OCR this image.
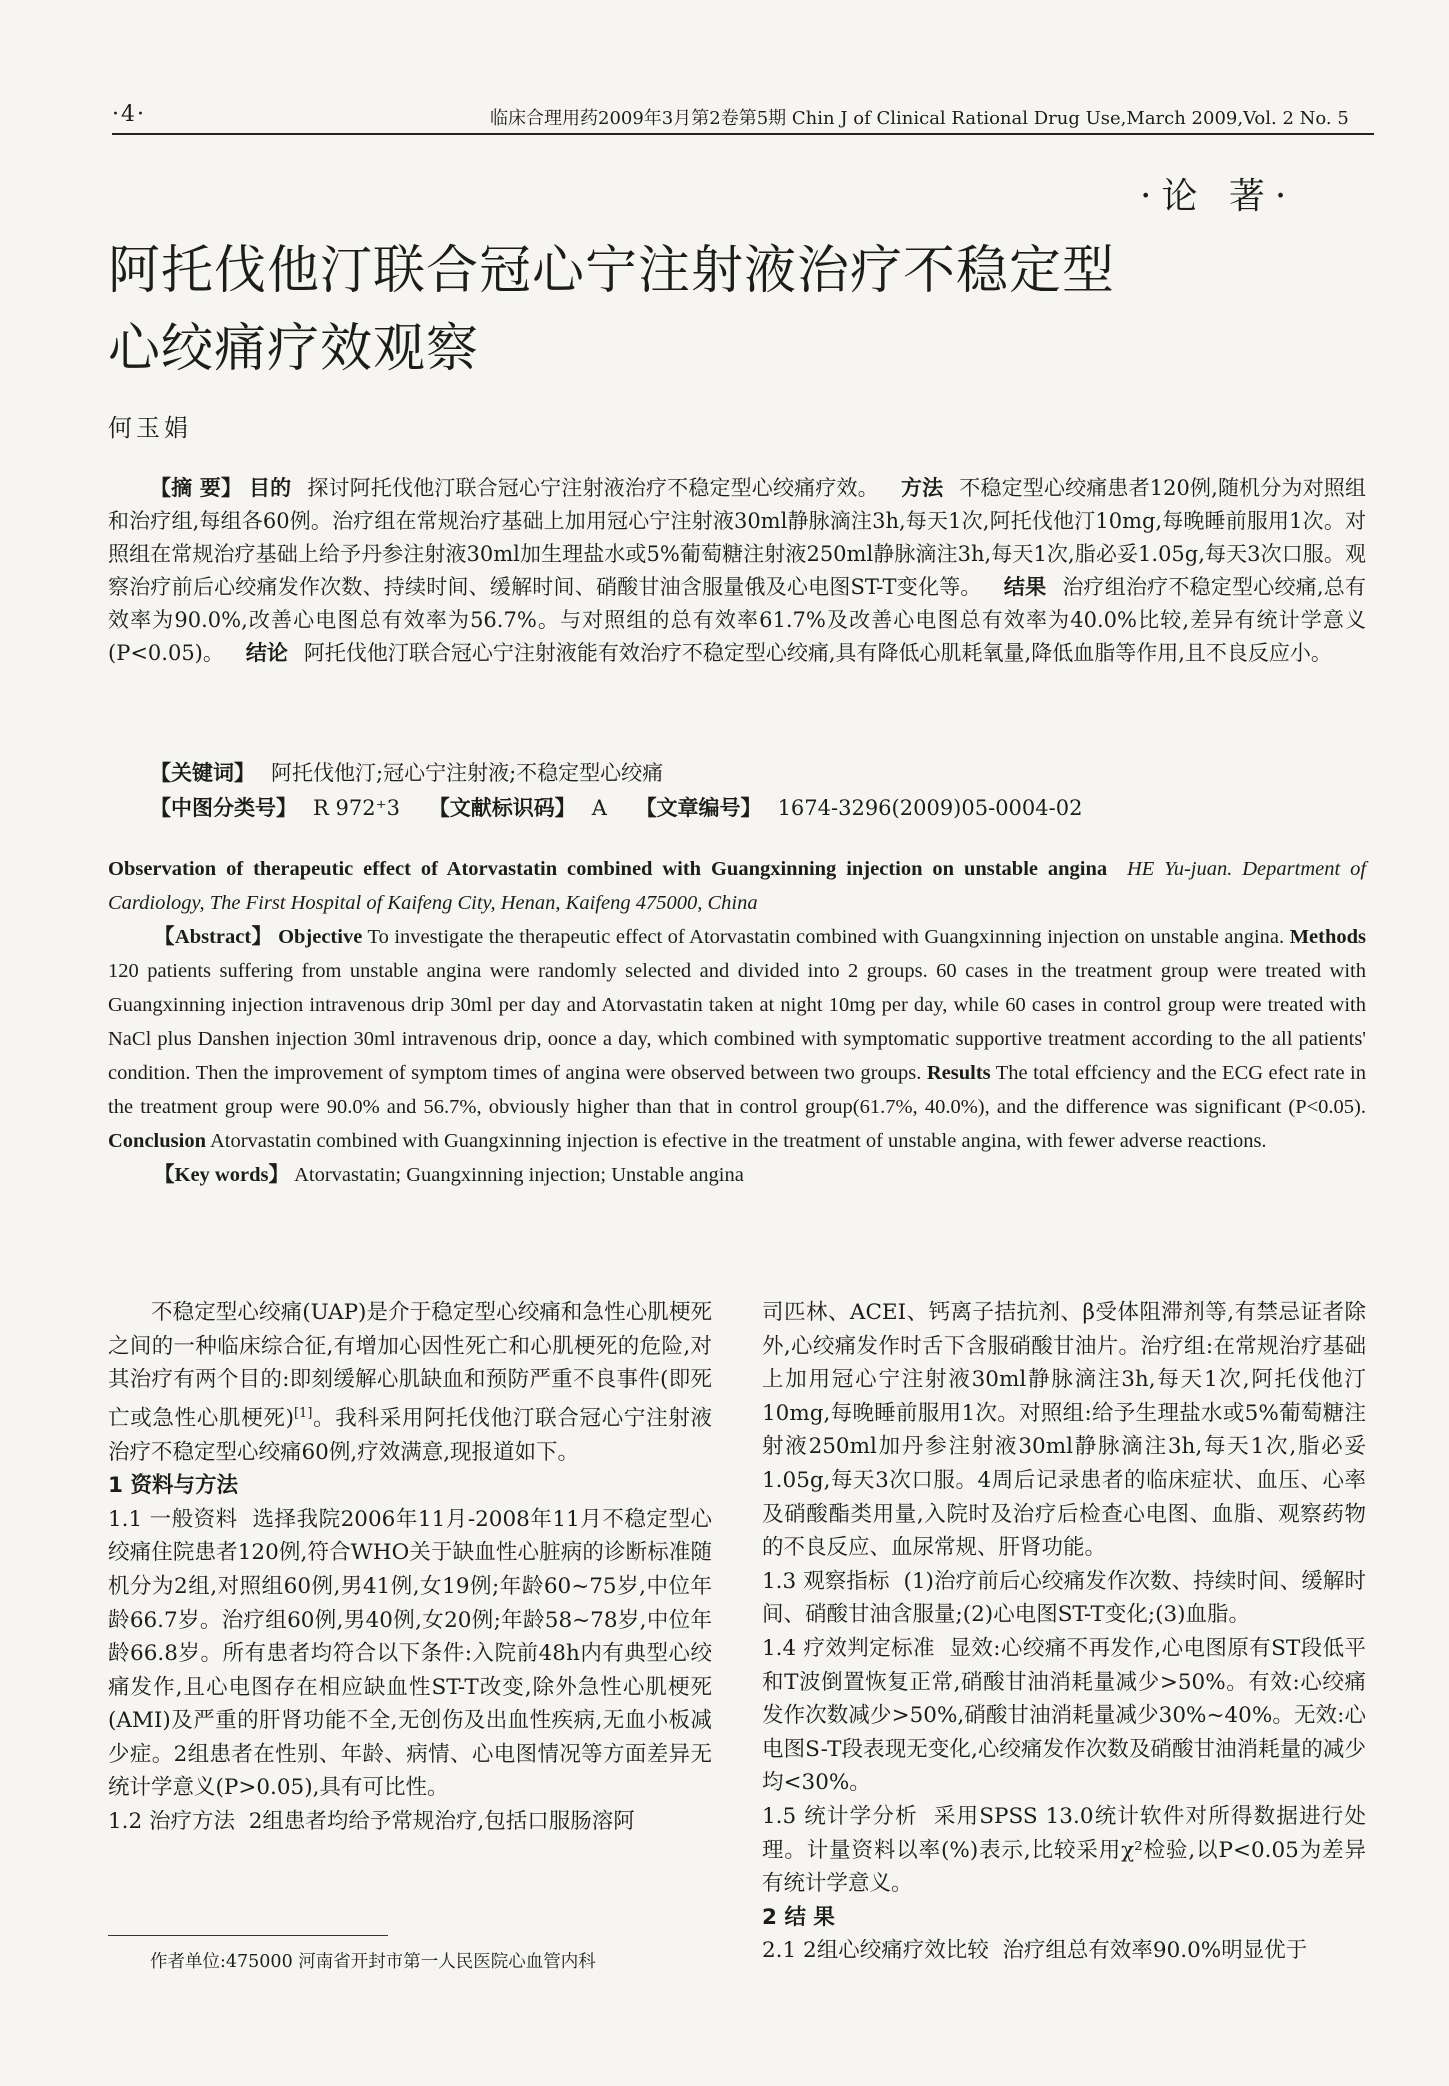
·4·	临床合理用药2009年3月第2卷第5期 Chin J of Clinical Rational Drug Use,March 2009,Vol. 2 No. 5
·论 著·
阿托伐他汀联合冠心宁注射液治疗不稳定型心绞痛疗效观察
何玉娟

【摘 要】 目的 探讨阿托伐他汀联合冠心宁注射液治疗不稳定型心绞痛疗效。 方法 不稳定型心绞痛患者120例,随机分为对照组和治疗组,每组各60例。治疗组在常规治疗基础上加用冠心宁注射液30ml静脉滴注3h,每天1次,阿托伐他汀10mg,每晚睡前服用1次。对照组在常规治疗基础上给予丹参注射液30ml加生理盐水或5%葡萄糖注射液250ml静脉滴注3h,每天1次,脂必妥1.05g,每天3次口服。观察治疗前后心绞痛发作次数、持续时间、缓解时间、硝酸甘油含服量俄及心电图ST-T变化等。 结果 治疗组治疗不稳定型心绞痛,总有效率为90.0%,改善心电图总有效率为56.7%。与对照组的总有效率61.7%及改善心电图总有效率为40.0%比较,差异有统计学意义(P<0.05)。 结论 阿托伐他汀联合冠心宁注射液能有效治疗不稳定型心绞痛,具有降低心肌耗氧量,降低血脂等作用,且不良反应小。

【关键词】 阿托伐他汀;冠心宁注射液;不稳定型心绞痛
【中图分类号】 R 972⁺3 【文献标识码】 A 【文章编号】 1674-3296(2009)05-0004-02

Observation of therapeutic effect of Atorvastatin combined with Guangxinning injection on unstable angina HE Yu-juan. Department of Cardiology, The First Hospital of Kaifeng City, Henan, Kaifeng 475000, China

【Abstract】 Objective To investigate the therapeutic effect of Atorvastatin combined with Guangxinning injection on unstable angina. Methods 120 patients suffering from unstable angina were randomly selected and divided into 2 groups. 60 cases in the treatment group were treated with Guangxinning injection intravenous drip 30ml per day and Atorvastatin taken at night 10mg per day, while 60 cases in control group were treated with NaCl plus Danshen injection 30ml intravenous drip, oonce a day, which combined with symptomatic supportive treatment according to the all patients' condition. Then the improvement of symptom times of angina were observed between two groups. Results The total effciency and the ECG efect rate in the treatment group were 90.0% and 56.7%, obviously higher than that in control group(61.7%, 40.0%), and the difference was significant (P<0.05). Conclusion Atorvastatin combined with Guangxinning injection is efective in the treatment of unstable angina, with fewer adverse reactions.

【Key words】 Atorvastatin; Guangxinning injection; Unstable angina

不稳定型心绞痛(UAP)是介于稳定型心绞痛和急性心肌梗死之间的一种临床综合征,有增加心因性死亡和心肌梗死的危险,对其治疗有两个目的:即刻缓解心肌缺血和预防严重不良事件(即死亡或急性心肌梗死)[1]。我科采用阿托伐他汀联合冠心宁注射液治疗不稳定型心绞痛60例,疗效满意,现报道如下。

1 资料与方法

1.1 一般资料 选择我院2006年11月-2008年11月不稳定型心绞痛住院患者120例,符合WHO关于缺血性心脏病的诊断标准随机分为2组,对照组60例,男41例,女19例;年龄60~75岁,中位年龄66.7岁。治疗组60例,男40例,女20例;年龄58~78岁,中位年龄66.8岁。所有患者均符合以下条件:入院前48h内有典型心绞痛发作,且心电图存在相应缺血性ST-T改变,除外急性心肌梗死(AMI)及严重的肝肾功能不全,无创伤及出血性疾病,无血小板减少症。2组患者在性别、年龄、病情、心电图情况等方面差异无统计学意义(P>0.05),具有可比性。

1.2 治疗方法 2组患者均给予常规治疗,包括口服肠溶阿

作者单位:475000 河南省开封市第一人民医院心血管内科

司匹林、ACEI、钙离子拮抗剂、β受体阻滞剂等,有禁忌证者除外,心绞痛发作时舌下含服硝酸甘油片。治疗组:在常规治疗基础上加用冠心宁注射液30ml静脉滴注3h,每天1次,阿托伐他汀10mg,每晚睡前服用1次。对照组:给予生理盐水或5%葡萄糖注射液250ml加丹参注射液30ml静脉滴注3h,每天1次,脂必妥1.05g,每天3次口服。4周后记录患者的临床症状、血压、心率及硝酸酯类用量,入院时及治疗后检查心电图、血脂、观察药物的不良反应、血尿常规、肝肾功能。

1.3 观察指标 (1)治疗前后心绞痛发作次数、持续时间、缓解时间、硝酸甘油含服量;(2)心电图ST-T变化;(3)血脂。

1.4 疗效判定标准 显效:心绞痛不再发作,心电图原有ST段低平和T波倒置恢复正常,硝酸甘油消耗量减少>50%。有效:心绞痛发作次数减少>50%,硝酸甘油消耗量减少30%~40%。无效:心电图S-T段表现无变化,心绞痛发作次数及硝酸甘油消耗量的减少均<30%。

1.5 统计学分析 采用SPSS 13.0统计软件对所得数据进行处理。计量资料以率(%)表示,比较采用χ²检验,以P<0.05为差异有统计学意义。

2 结 果

2.1 2组心绞痛疗效比较 治疗组总有效率90.0%明显优于
